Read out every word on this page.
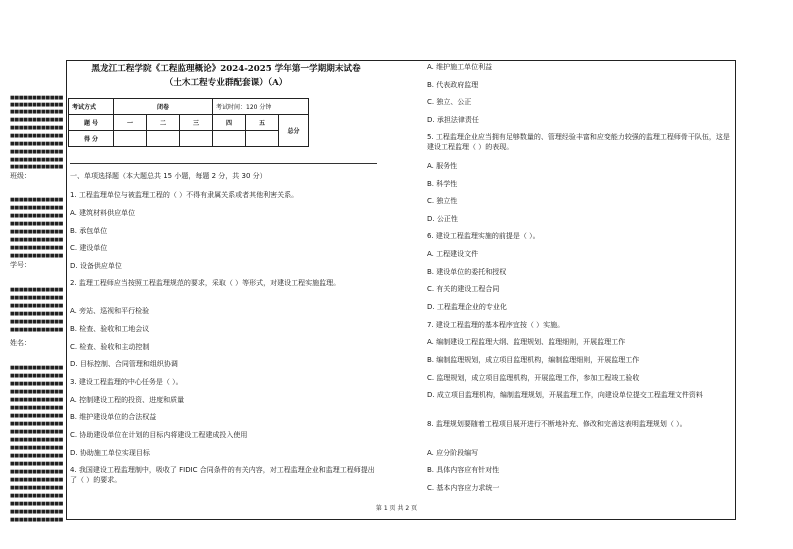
■■■■■■■■■■■■
■■■■■■■■■■■■
■■■■■■■■■■■■
■■■■■■■■■■■■
■■■■■■■■■■■■
■■■■■■■■■■■■
■■■■■■■■■■■■
■■■■■■■■■■■■
■■■■■■■■■■■■
■■■■■■■■■■■■
班级：
■■■■■■■■■■■■
■■■■■■■■■■■■
■■■■■■■■■■■■
■■■■■■■■■■■■
■■■■■■■■■■■■
■■■■■■■■■■■■
■■■■■■■■■■■■
■■■■■■■■■■■■
学号：
■■■■■■■■■■■■
■■■■■■■■■■■■
■■■■■■■■■■■■
■■■■■■■■■■■■
■■■■■■■■■■■■
■■■■■■■■■■■■
姓名：
■■■■■■■■■■■■
■■■■■■■■■■■■
■■■■■■■■■■■■
■■■■■■■■■■■■
■■■■■■■■■■■■
■■■■■■■■■■■■
■■■■■■■■■■■■
■■■■■■■■■■■■
■■■■■■■■■■■■
■■■■■■■■■■■■
■■■■■■■■■■■■
■■■■■■■■■■■■
■■■■■■■■■■■■
■■■■■■■■■■■■
■■■■■■■■■■■■
■■■■■■■■■■■■
■■■■■■■■■■■■
■■■■■■■■■■■■
■■■■■■■■■■■■
■■■■■■■■■■■■
黑龙江工程学院《工程监理概论》2024-2025 学年第一学期期末试卷
（土木工程专业群配套课）（A）
考试方式	闭卷			考试时间：120 分钟		
题 号	一	二	三	四	五	总分
得 分						
一、单项选择题（本大题总共 15 小题，每题 2 分，共 30 分）
1. 工程监理单位与被监理工程的（ ）不得有隶属关系或者其他利害关系。
A. 建筑材料供应单位
B. 承包单位
C. 建设单位
D. 设备供应单位
2. 监理工程师应当按照工程监理规范的要求，采取（ ）等形式，对建设工程实施监理。
A. 旁站、巡视和平行检验
B. 检查、验收和工地会议
C. 检查、验收和主动控制
D. 目标控制、合同管理和组织协调
3. 建设工程监理的中心任务是（ ）。
A. 控制建设工程的投资、进度和质量
B. 维护建设单位的合法权益
C. 协助建设单位在计划的目标内将建设工程建成投入使用
D. 协助施工单位实现目标
4. 我国建设工程监理制中，吸收了 FIDIC 合同条件的有关内容，对工程监理企业和监理工程师提出了（ ）的要求。
A. 维护施工单位利益
B. 代表政府监理
C. 独立、公正
D. 承担法律责任
5. 工程监理企业应当拥有足够数量的、管理经验丰富和应变能力较强的监理工程师骨干队伍，这是建设工程监理（ ）的表现。
A. 服务性
B. 科学性
C. 独立性
D. 公正性
6. 建设工程监理实施的前提是（ ）。
A. 工程建设文件
B. 建设单位的委托和授权
C. 有关的建设工程合同
D. 工程监理企业的专业化
7. 建设工程监理的基本程序宜按（ ）实施。
A. 编制建设工程监理大纲、监理规划、监理细则，开展监理工作
B. 编制监理规划，成立项目监理机构，编制监理细则，开展监理工作
C. 监理规划，成立项目监理机构，开展监理工作，参加工程竣工验收
D. 成立项目监理机构，编制监理规划，开展监理工作，向建设单位提交工程监理文件资料
8. 监理规划要随着工程项目展开进行不断地补充、修改和完善这表明监理规划（ ）。
A. 应分阶段编写
B. 具体内容应有针对性
C. 基本内容应力求统一
第 1 页 共 2 页
